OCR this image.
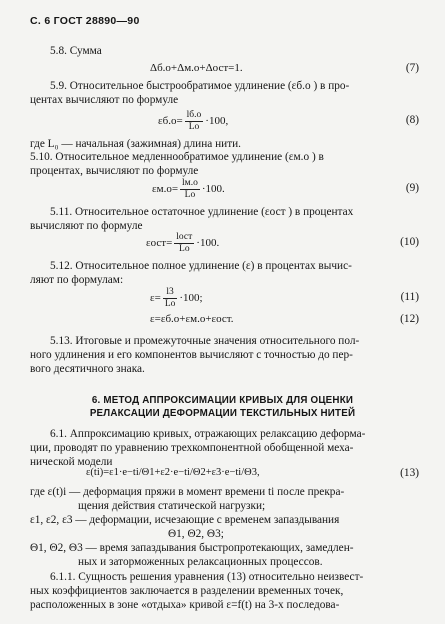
С. 6 ГОСТ 28890—90
5.8. Сумма
Δб.о+Δм.о+Δост=1.	(7)
5.9. Относительное быстрообратимое удлинение (εб.о ) в про-
центах вычисляют по формуле
$\varepsilon б.о= \frac{lб.о}{Lо} \cdot 100$,	(8)
где L₀ — начальная (зажимная) длина нити.
5.10. Относительное медленнообратимое удлинение (εм.о ) в
процентах, вычисляют по формуле
$\varepsilon м.о= \frac{lм.о}{Lо} \cdot 100$.	(9)
5.11. Относительное остаточное удлинение (εост ) в процентах
вычисляют по формуле
$\varepsilon ост= \frac{\text{lост}}{Lо} \cdot 100$.	(10)
5.12. Относительное полное удлинение (ε) в процентах вычис-
ляют по формулам:
$\varepsilon= \frac{l3}{Lо} \cdot 100$;	(11)
ε=εб.о+εм.о+εост.	(12)
5.13. Итоговые и промежуточные значения относительного пол-
ного удлинения и его компонентов вычисляют с точностью до пер-
вого десятичного знака.
6. МЕТОД АППРОКСИМАЦИИ КРИВЫХ ДЛЯ ОЦЕНКИ
РЕЛАКСАЦИИ ДЕФОРМАЦИИ ТЕКСТИЛЬНЫХ НИТЕЙ
6.1. Аппроксимацию кривых, отражающих релаксацию деформа-
ции, проводят по уравнению трехкомпонентной обобщенной меха-
нической модели
ε(ti)=ε1·e−ti/Θ1+ε2·e−ti/Θ2+ε3·e−ti/Θ3,	(13)
где ε(t)i — деформация пряжи в момент времени ti после прекра-
щения действия статической нагрузки;
ε1, ε2, ε3 — деформации, исчезающие с временем запаздывания
Θ1, Θ2, Θ3;
Θ1, Θ2, Θ3 — время запаздывания быстропротекающих, замедлен-
ных и заторможенных релаксационных процессов.
6.1.1. Сущность решения уравнения (13) относительно неизвест-
ных коэффициентов заключается в разделении временных точек,
расположенных в зоне «отдыха» кривой ε=f(t) на 3-х последова-
